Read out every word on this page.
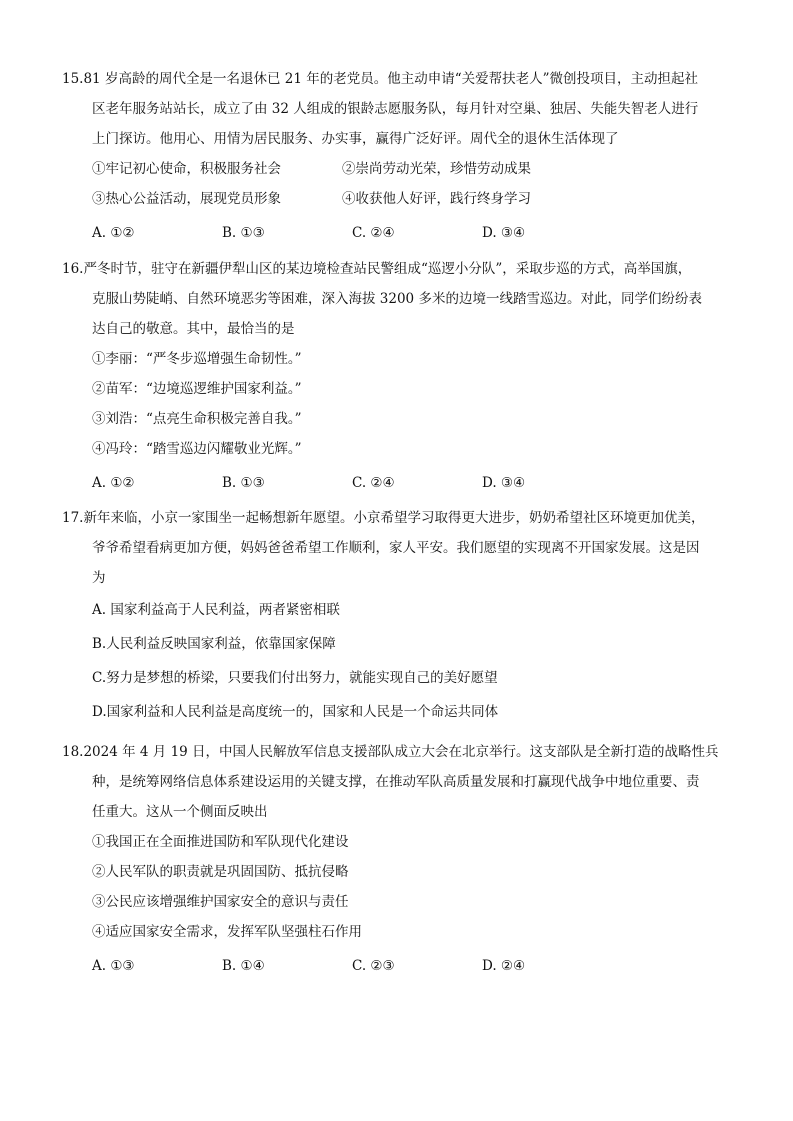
15.81 岁高龄的周代全是一名退休已 21 年的老党员。他主动申请“关爱帮扶老人”微创投项目，主动担起社

区老年服务站站长，成立了由 32 人组成的银龄志愿服务队，每月针对空巢、独居、失能失智老人进行

上门探访。他用心、用情为居民服务、办实事，赢得广泛好评。周代全的退休生活体现了

①牢记初心使命，积极服务社会	②崇尚劳动光荣，珍惜劳动成果
③热心公益活动，展现党员形象	④收获他人好评，践行终身学习
A. ①②	B. ①③	C. ②④	D. ③④

16.严冬时节，驻守在新疆伊犁山区的某边境检查站民警组成“巡逻小分队”，采取步巡的方式，高举国旗，

克服山势陡峭、自然环境恶劣等困难，深入海拔 3200 多米的边境一线踏雪巡边。对此，同学们纷纷表

达自己的敬意。其中，最恰当的是

①李丽：“严冬步巡增强生命韧性。”

②苗军：“边境巡逻维护国家利益。”

③刘浩：“点亮生命积极完善自我。”

④冯玲：“踏雪巡边闪耀敬业光辉。”

A. ①②	B. ①③	C. ②④	D. ③④

17.新年来临，小京一家围坐一起畅想新年愿望。小京希望学习取得更大进步，奶奶希望社区环境更加优美，

爷爷希望看病更加方便，妈妈爸爸希望工作顺利，家人平安。我们愿望的实现离不开国家发展。这是因

为

A. 国家利益高于人民利益，两者紧密相联

B.人民利益反映国家利益，依靠国家保障

C.努力是梦想的桥梁，只要我们付出努力，就能实现自己的美好愿望

D.国家利益和人民利益是高度统一的，国家和人民是一个命运共同体

18.2024 年 4 月 19 日，中国人民解放军信息支援部队成立大会在北京举行。这支部队是全新打造的战略性兵

种，是统筹网络信息体系建设运用的关键支撑，在推动军队高质量发展和打赢现代战争中地位重要、责

任重大。这从一个侧面反映出

①我国正在全面推进国防和军队现代化建设

②人民军队的职责就是巩固国防、抵抗侵略

③公民应该增强维护国家安全的意识与责任

④适应国家安全需求，发挥军队坚强柱石作用

A. ①③	B. ①④	C. ②③	D. ②④
